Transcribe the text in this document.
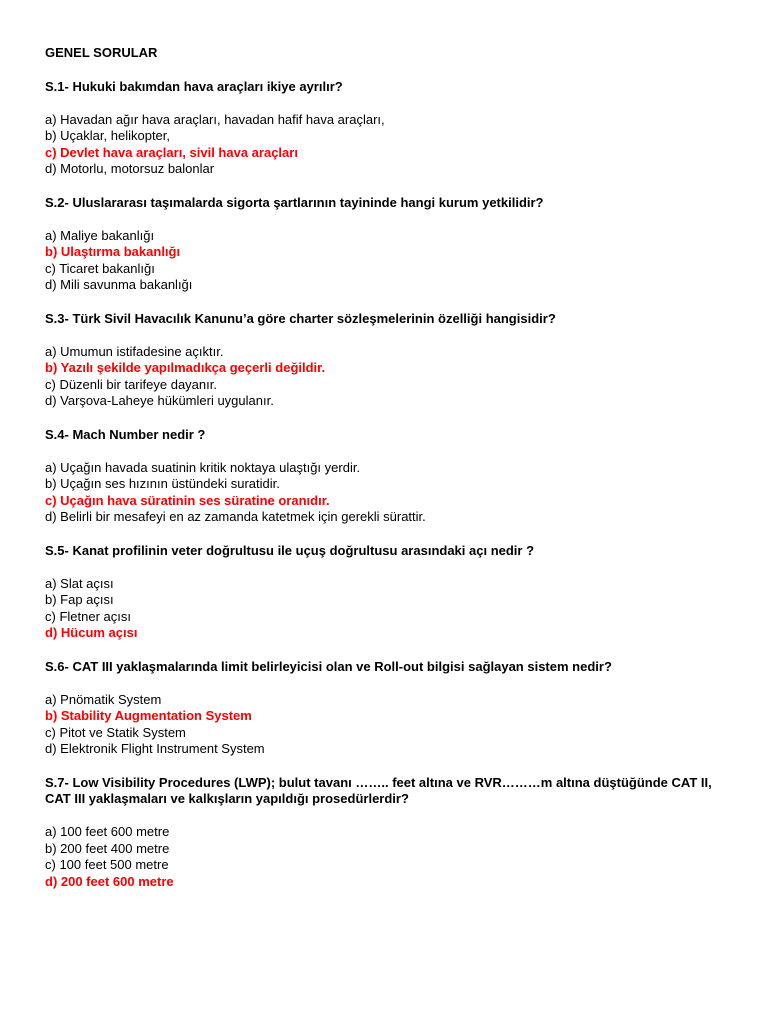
GENEL SORULAR
S.1- Hukuki bakımdan hava araçları ikiye ayrılır?
a) Havadan ağır hava araçları, havadan hafif hava araçları,
b) Uçaklar, helikopter,
c) Devlet hava araçları, sivil hava araçları
d) Motorlu, motorsuz balonlar
S.2- Uluslararası taşımalarda sigorta şartlarının tayininde hangi kurum yetkilidir?
a) Maliye bakanlığı
b) Ulaştırma bakanlığı
c) Ticaret bakanlığı
d) Mili savunma bakanlığı
S.3- Türk Sivil Havacılık Kanunu’a göre charter sözleşmelerinin özelliği hangisidir?
a) Umumun istifadesine açıktır.
b) Yazılı şekilde yapılmadıkça geçerli değildir.
c) Düzenli bir tarifeye dayanır.
d) Varşova-Laheye hükümleri uygulanır.
S.4- Mach Number nedir ?
a) Uçağın havada suatinin kritik noktaya ulaştığı yerdir.
b) Uçağın ses hızının üstündeki suratidir.
c) Uçağın hava süratinin ses süratine oranıdır.
d) Belirli bir mesafeyi en az zamanda katetmek için gerekli sürattir.
S.5- Kanat profilinin veter doğrultusu ile uçuş doğrultusu arasındaki açı nedir ?
a) Slat açısı
b) Fap açısı
c) Fletner açısı
d) Hücum açısı
S.6- CAT III yaklaşmalarında limit belirleyicisi olan ve Roll-out bilgisi sağlayan sistem nedir?
a) Pnömatik System
b) Stability Augmentation System
c) Pitot ve Statik System
d) Elektronik Flight Instrument System
S.7- Low Visibility Procedures (LWP); bulut tavanı …….. feet altına ve RVR………m altına düştüğünde CAT II, CAT III yaklaşmaları ve kalkışların yapıldığı prosedürlerdir?
a) 100 feet 600 metre
b) 200 feet 400 metre
c) 100 feet 500 metre
d) 200 feet 600 metre
